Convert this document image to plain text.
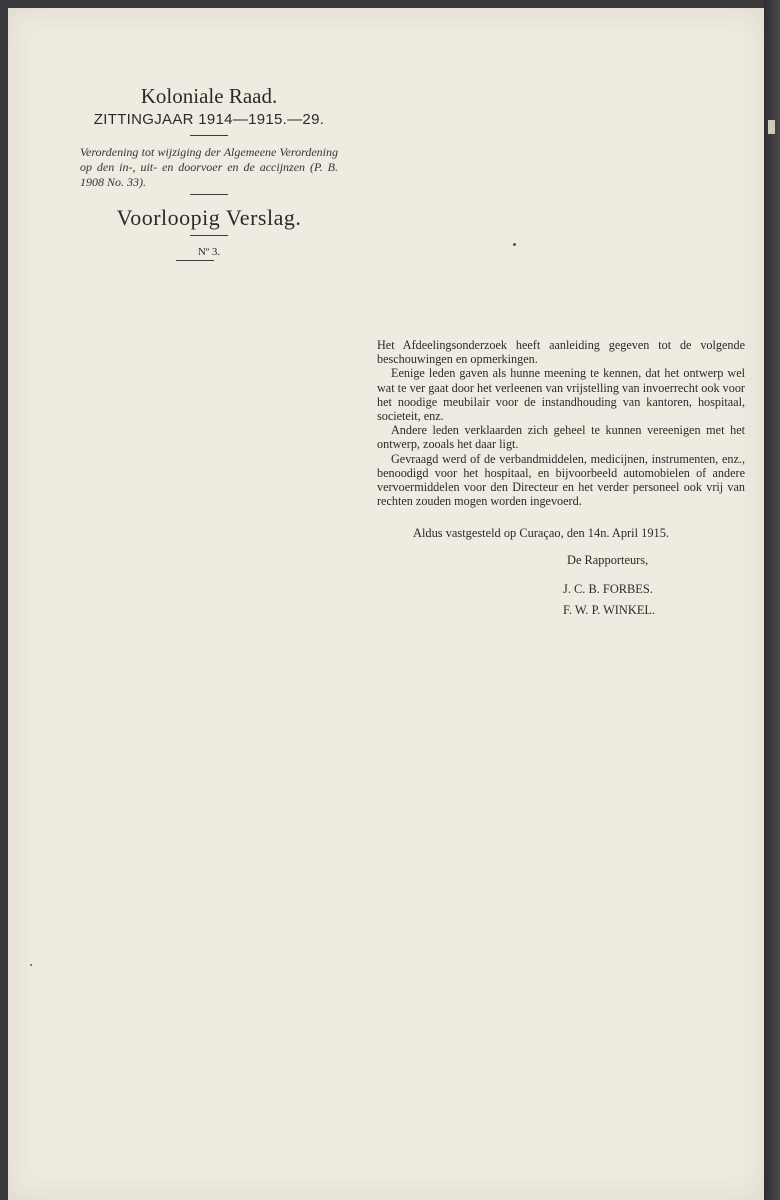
Koloniale Raad.
ZITTINGJAAR 1914—1915.—29.
Verordening tot wijziging der Algemeene Verordening op den in-, uit- en doorvoer en de accijnzen (P. B. 1908 No. 33).
Voorloopig Verslag.
Nº 3.

Het Afdeelingsonderzoek heeft aanleiding gegeven tot de volgende beschouwingen en opmerkingen.

Eenige leden gaven als hunne meening te kennen, dat het ontwerp wel wat te ver gaat door het verleenen van vrijstelling van invoerrecht ook voor het noodige meubilair voor de instandhouding van kantoren, hospitaal, societeit, enz.

Andere leden verklaarden zich geheel te kunnen vereenigen met het ontwerp, zooals het daar ligt.

Gevraagd werd of de verbandmiddelen, medicijnen, instrumenten, enz., benoodigd voor het hospitaal, en bijvoorbeeld automobielen of andere vervoermiddelen voor den Directeur en het verder personeel ook vrij van rechten zouden mogen worden ingevoerd.

Aldus vastgesteld op Curaçao, den 14n. April 1915.
De Rapporteurs,
J. C. B. FORBES.
F. W. P. WINKEL.
